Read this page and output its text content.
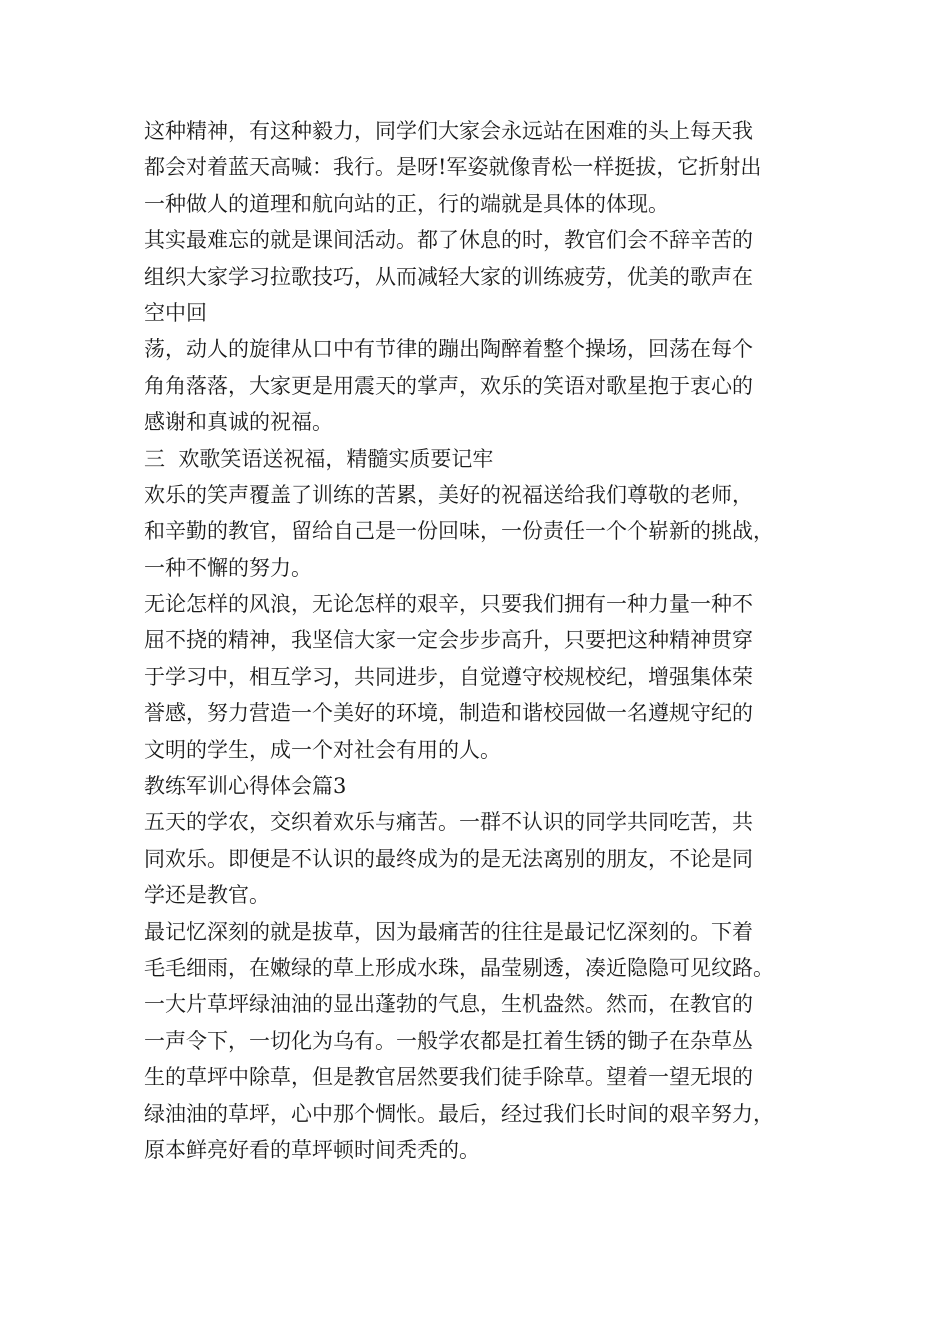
这种精神，有这种毅力，同学们大家会永远站在困难的头上每天我
都会对着蓝天高喊：我行。是呀!军姿就像青松一样挺拔，它折射出
一种做人的道理和航向站的正，行的端就是具体的体现。
其实最难忘的就是课间活动。都了休息的时，教官们会不辞辛苦的
组织大家学习拉歌技巧，从而减轻大家的训练疲劳，优美的歌声在
空中回
荡，动人的旋律从口中有节律的蹦出陶醉着整个操场，回荡在每个
角角落落，大家更是用震天的掌声，欢乐的笑语对歌星抱于衷心的
感谢和真诚的祝福。
三  欢歌笑语送祝福，精髓实质要记牢
欢乐的笑声覆盖了训练的苦累，美好的祝福送给我们尊敬的老师，
和辛勤的教官，留给自己是一份回味，一份责任一个个崭新的挑战，
一种不懈的努力。
无论怎样的风浪，无论怎样的艰辛，只要我们拥有一种力量一种不
屈不挠的精神，我坚信大家一定会步步高升，只要把这种精神贯穿
于学习中，相互学习，共同进步，自觉遵守校规校纪，增强集体荣
誉感，努力营造一个美好的环境，制造和谐校园做一名遵规守纪的
文明的学生，成一个对社会有用的人。
教练军训心得体会篇3
五天的学农，交织着欢乐与痛苦。一群不认识的同学共同吃苦，共
同欢乐。即便是不认识的最终成为的是无法离别的朋友，不论是同
学还是教官。
最记忆深刻的就是拔草，因为最痛苦的往往是最记忆深刻的。下着
毛毛细雨，在嫩绿的草上形成水珠，晶莹剔透，凑近隐隐可见纹路。
一大片草坪绿油油的显出蓬勃的气息，生机盎然。然而，在教官的
一声令下，一切化为乌有。一般学农都是扛着生锈的锄子在杂草丛
生的草坪中除草，但是教官居然要我们徒手除草。望着一望无垠的
绿油油的草坪，心中那个惆怅。最后，经过我们长时间的艰辛努力，
原本鲜亮好看的草坪顿时间秃秃的。
